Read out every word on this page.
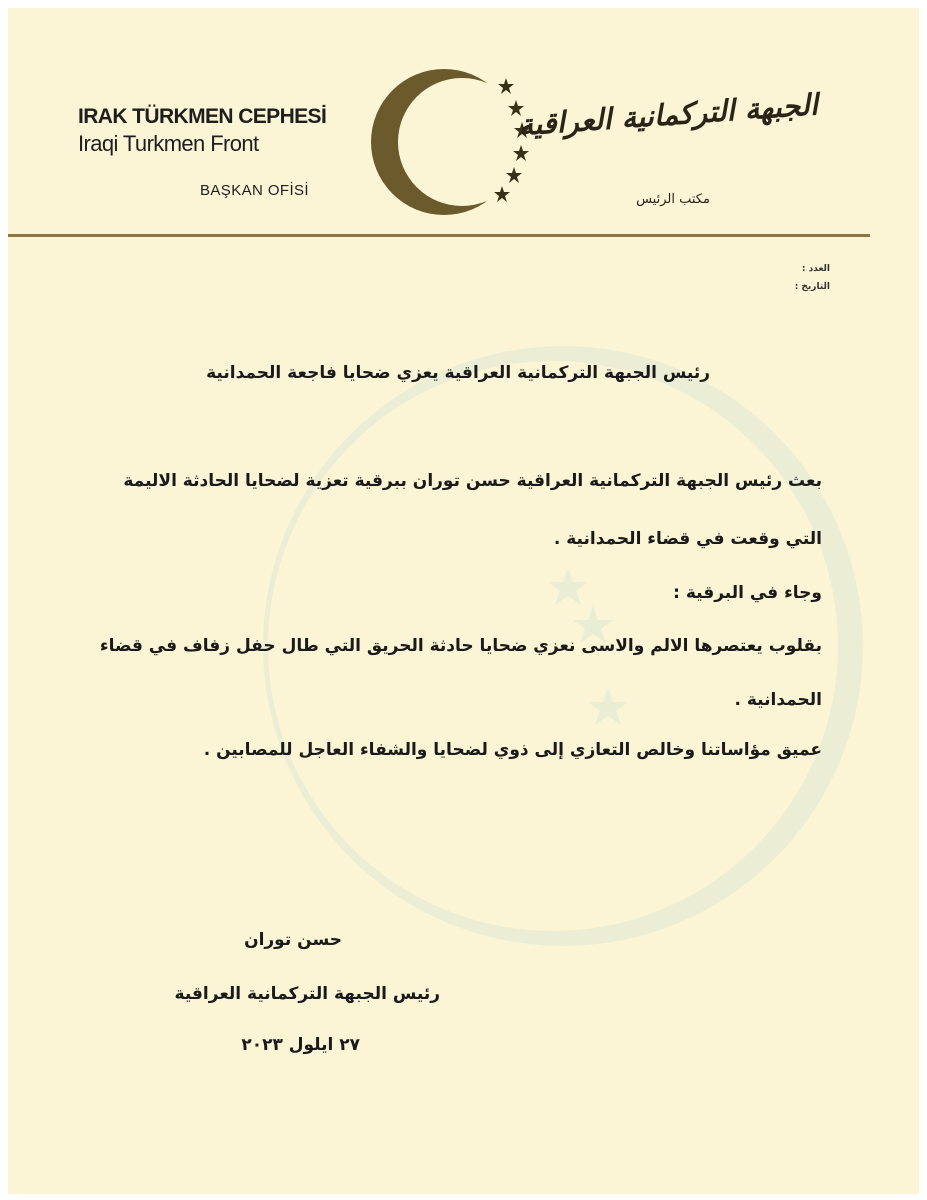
IRAK TÜRKMEN CEPHESİ
Iraqi Turkmen Front
BAŞKAN OFİSİ
الجبهة التركمانية العراقية
مكتب الرئيس
العدد :
التاريخ :
رئيس الجبهة التركمانية العراقية يعزي ضحايا فاجعة الحمدانية
بعث رئيس الجبهة التركمانية العراقية حسن توران ببرقية تعزية لضحايا الحادثة الاليمة
التي وقعت في قضاء الحمدانية .
وجاء في البرقية :
بقلوب يعتصرها الالم والاسى نعزي ضحايا حادثة الحريق التي طال حفل زفاف في قضاء
الحمدانية .
عميق مؤاساتنا وخالص التعازي إلى ذوي لضحايا والشفاء العاجل للمصابين .
حسن توران
رئيس الجبهة التركمانية العراقية
٢٧ ايلول ٢٠٢٣
